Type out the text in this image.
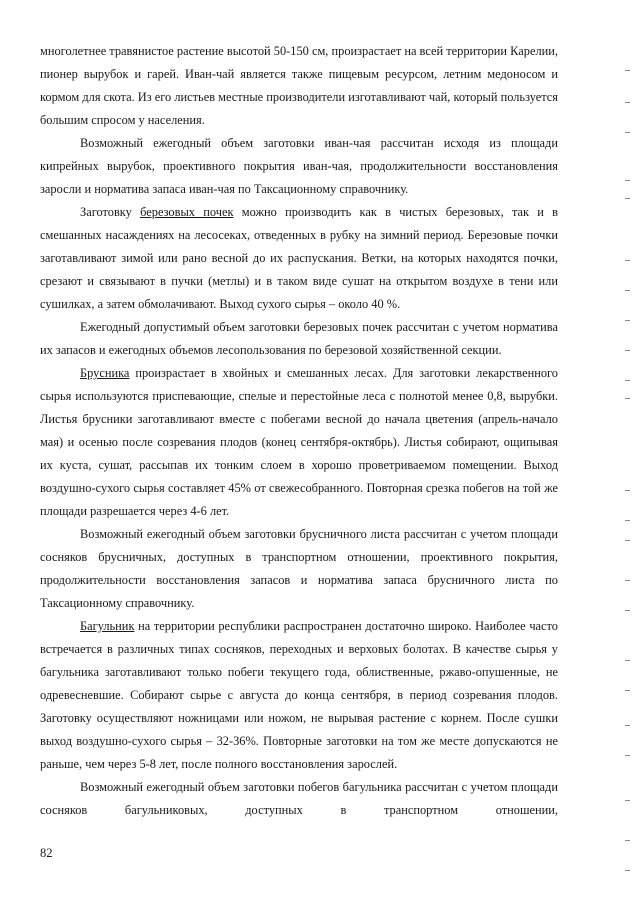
многолетнее травянистое растение высотой 50-150 см, произрастает на всей территории Карелии, пионер вырубок и гарей. Иван-чай является также пищевым ресурсом, летним медоносом и кормом для скота. Из его листьев местные производители изготавливают чай, который пользуется большим спросом у населения.

Возможный ежегодный объем заготовки иван-чая рассчитан исходя из площади кипрейных вырубок, проективного покрытия иван-чая, продолжительности восстановления заросли и норматива запаса иван-чая по Таксационному справочнику.

Заготовку березовых почек можно производить как в чистых березовых, так и в смешанных насаждениях на лесосеках, отведенных в рубку на зимний период. Березовые почки заготавливают зимой или рано весной до их распускания. Ветки, на которых находятся почки, срезают и связывают в пучки (метлы) и в таком виде сушат на открытом воздухе в тени или сушилках, а затем обмолачивают. Выход сухого сырья – около 40 %.

Ежегодный допустимый объем заготовки березовых почек рассчитан с учетом норматива их запасов и ежегодных объемов лесопользования по березовой хозяйственной секции.

Брусника произрастает в хвойных и смешанных лесах. Для заготовки лекарственного сырья используются приспевающие, спелые и перестойные леса с полнотой менее 0,8, вырубки. Листья брусники заготавливают вместе с побегами весной до начала цветения (апрель-начало мая) и осенью после созревания плодов (конец сентября-октябрь). Листья собирают, ощипывая их куста, сушат, рассыпав их тонким слоем в хорошо проветриваемом помещении. Выход воздушно-сухого сырья составляет 45% от свежесобранного. Повторная срезка побегов на той же площади разрешается через 4-6 лет.

Возможный ежегодный объем заготовки брусничного листа рассчитан с учетом площади сосняков брусничных, доступных в транспортном отношении, проективного покрытия, продолжительности восстановления запасов и норматива запаса брусничного листа по Таксационному справочнику.

Багульник на территории республики распространен достаточно широко. Наиболее часто встречается в различных типах сосняков, переходных и верховых болотах. В качестве сырья у багульника заготавливают только побеги текущего года, облиственные, ржаво-опушенные, не одревесневшие. Собирают сырье с августа до конца сентября, в период созревания плодов. Заготовку осуществляют ножницами или ножом, не вырывая растение с корнем. После сушки выход воздушно-сухого сырья – 32-36%. Повторные заготовки на том же месте допускаются не раньше, чем через 5-8 лет, после полного восстановления зарослей.

Возможный ежегодный объем заготовки побегов багульника рассчитан с учетом площади сосняков багульниковых, доступных в транспортном отношении,

82
